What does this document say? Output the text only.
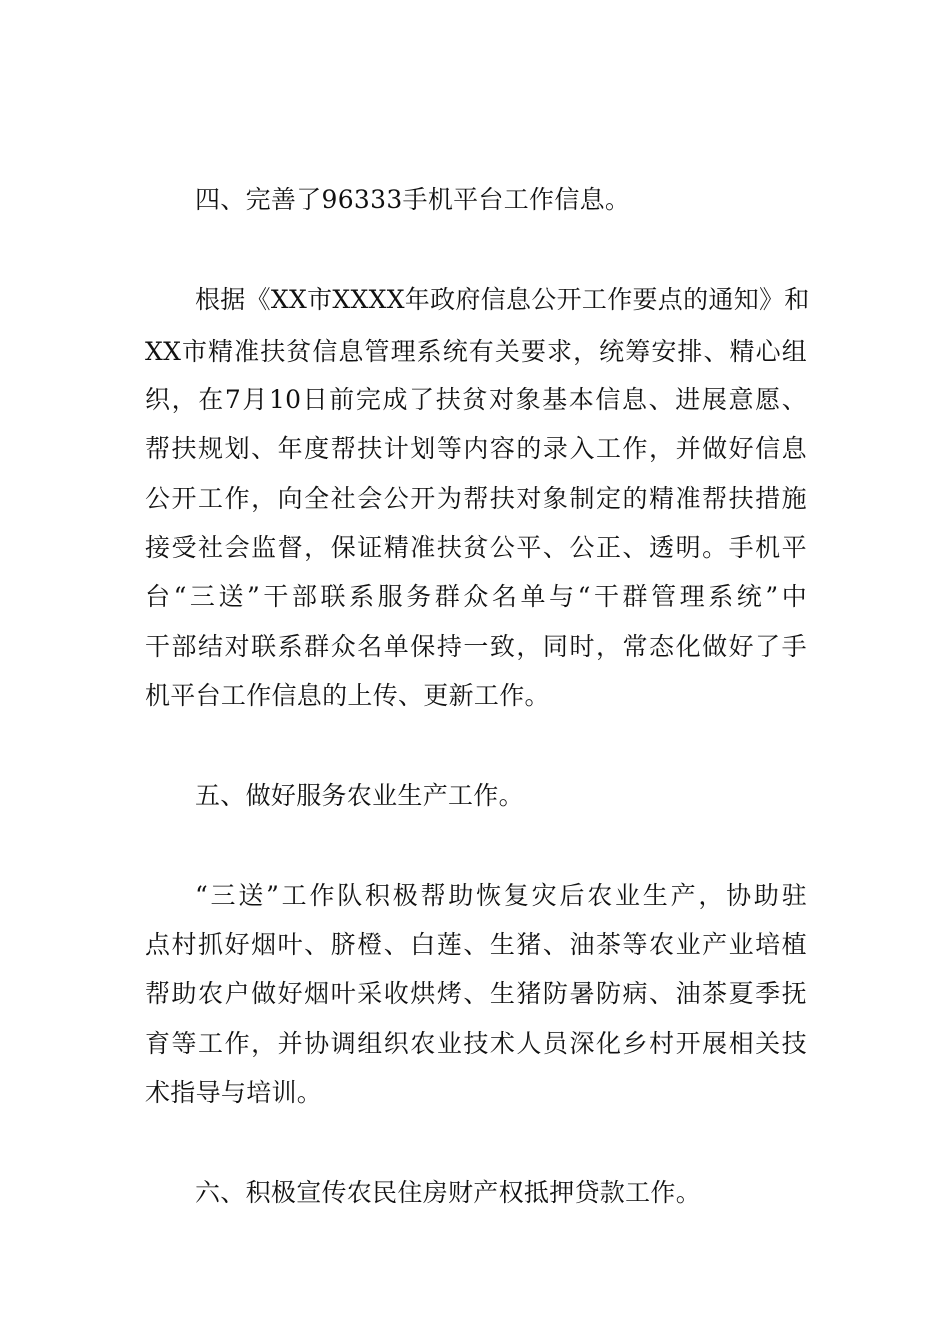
四、完善了96333手机平台工作信息。
根据《XX市XXXX年政府信息公开工作要点的通知》和
XX市精准扶贫信息管理系统有关要求，统筹安排、精心组
织，在7月10日前完成了扶贫对象基本信息、进展意愿、
帮扶规划、年度帮扶计划等内容的录入工作，并做好信息
公开工作，向全社会公开为帮扶对象制定的精准帮扶措施
接受社会监督，保证精准扶贫公平、公正、透明。手机平
台“三送”干部联系服务群众名单与“干群管理系统”中
干部结对联系群众名单保持一致，同时，常态化做好了手
机平台工作信息的上传、更新工作。
五、做好服务农业生产工作。
“三送”工作队积极帮助恢复灾后农业生产，协助驻
点村抓好烟叶、脐橙、白莲、生猪、油茶等农业产业培植
帮助农户做好烟叶采收烘烤、生猪防暑防病、油茶夏季抚
育等工作，并协调组织农业技术人员深化乡村开展相关技
术指导与培训。
六、积极宣传农民住房财产权抵押贷款工作。
